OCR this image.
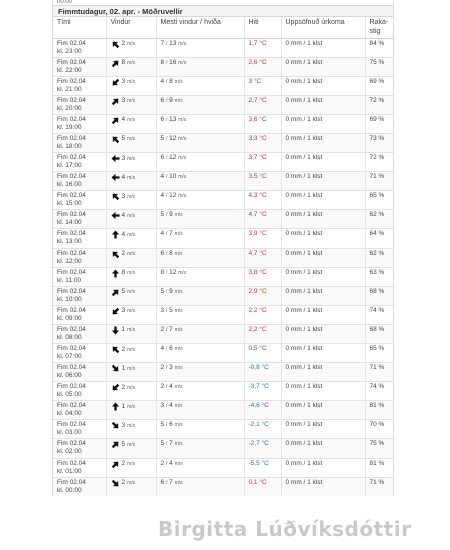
00:00
Fimmtudagur, 02. apr. - Möðruvellir
Tími	Vindur	Mesti vindur / hviða	Hiti	Uppsöfnuð úrkoma	Raka-
stig

Fim 02.04
kl. 23:00	2 m/s	7 / 13 m/s	1,7 °C	0 mm / 1 klst	84 %

Fim 02.04
kl. 22:00	8 m/s	8 / 16 m/s	2,6 °C	0 mm / 1 klst	75 %

Fim 02.04
kl. 21:00	3 m/s	4 / 8 m/s	3 °C	0 mm / 1 klst	69 %

Fim 02.04
kl. 20:00	3 m/s	6 / 9 m/s	2,7 °C	0 mm / 1 klst	72 %

Fim 02.04
kl. 19:00	4 m/s	6 / 13 m/s	3,6 °C	0 mm / 1 klst	69 %

Fim 02.04
kl. 18:00	5 m/s	5 / 12 m/s	3,3 °C	0 mm / 1 klst	73 %

Fim 02.04
kl. 17:00	3 m/s	6 / 12 m/s	3,7 °C	0 mm / 1 klst	72 %

Fim 02.04
kl. 16:00	4 m/s	4 / 10 m/s	3,5 °C	0 mm / 1 klst	71 %

Fim 02.04
kl. 15:00	3 m/s	4 / 12 m/s	4,3 °C	0 mm / 1 klst	65 %

Fim 02.04
kl. 14:00	4 m/s	5 / 9 m/s	4,7 °C	0 mm / 1 klst	62 %

Fim 02.04
kl. 13:00	4 m/s	4 / 7 m/s	3,9 °C	0 mm / 1 klst	64 %

Fim 02.04
kl. 12:00	2 m/s	6 / 8 m/s	4,7 °C	0 mm / 1 klst	62 %

Fim 02.04
kl. 11:00	8 m/s	8 / 12 m/s	3,8 °C	0 mm / 1 klst	63 %

Fim 02.04
kl. 10:00	5 m/s	5 / 9 m/s	2,9 °C	0 mm / 1 klst	68 %

Fim 02.04
kl. 09:00	3 m/s	3 / 5 m/s	2,2 °C	0 mm / 1 klst	74 %

Fim 02.04
kl. 08:00	1 m/s	2 / 7 m/s	2,2 °C	0 mm / 1 klst	68 %

Fim 02.04
kl. 07:00	2 m/s	4 / 6 m/s	0,5 °C	0 mm / 1 klst	65 %

Fim 02.04
kl. 06:00	1 m/s	2 / 3 m/s	-0,8 °C	0 mm / 1 klst	71 %

Fim 02.04
kl. 05:00	2 m/s	2 / 4 m/s	-3,7 °C	0 mm / 1 klst	74 %

Fim 02.04
kl. 04:00	1 m/s	3 / 4 m/s	-4,6 °C	0 mm / 1 klst	81 %

Fim 02.04
kl. 03:00	3 m/s	5 / 6 m/s	-2,1 °C	0 mm / 1 klst	70 %

Fim 02.04
kl. 02:00	5 m/s	5 / 7 m/s	-2,7 °C	0 mm / 1 klst	75 %

Fim 02.04
kl. 01:00	2 m/s	2 / 4 m/s	-5,5 °C	0 mm / 1 klst	81 %

Fim 02.04
kl. 00:00	2 m/s	6 / 7 m/s	0,1 °C	0 mm / 1 klst	71 %
Birgitta Lúðvíksdóttir
